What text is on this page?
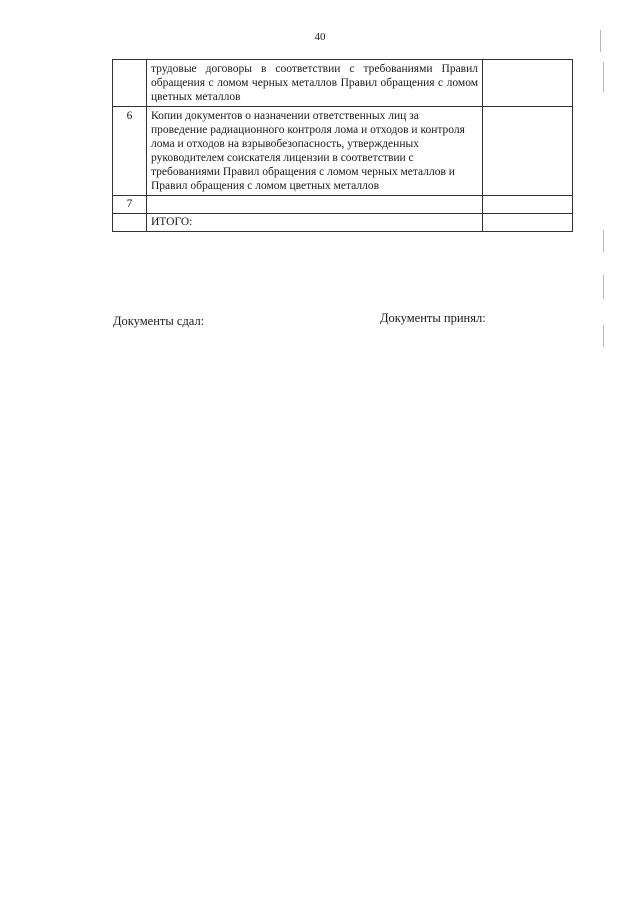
40

	трудовые договоры в соответствии с требованиями Правил обращения с ломом черных металлов Правил обращения с ломом цветных металлов	

6	Копии документов о назначении ответственных лиц за проведение радиационного контроля лома и отходов и контроля лома и отходов на взрывобезопасность, утвержденных руководителем соискателя лицензии в соответствии с требованиями Правил обращения с ломом черных металлов и Правил обращения с ломом цветных металлов	

7		
	ИТОГО:	
Документы сдал:	Документы принял:
